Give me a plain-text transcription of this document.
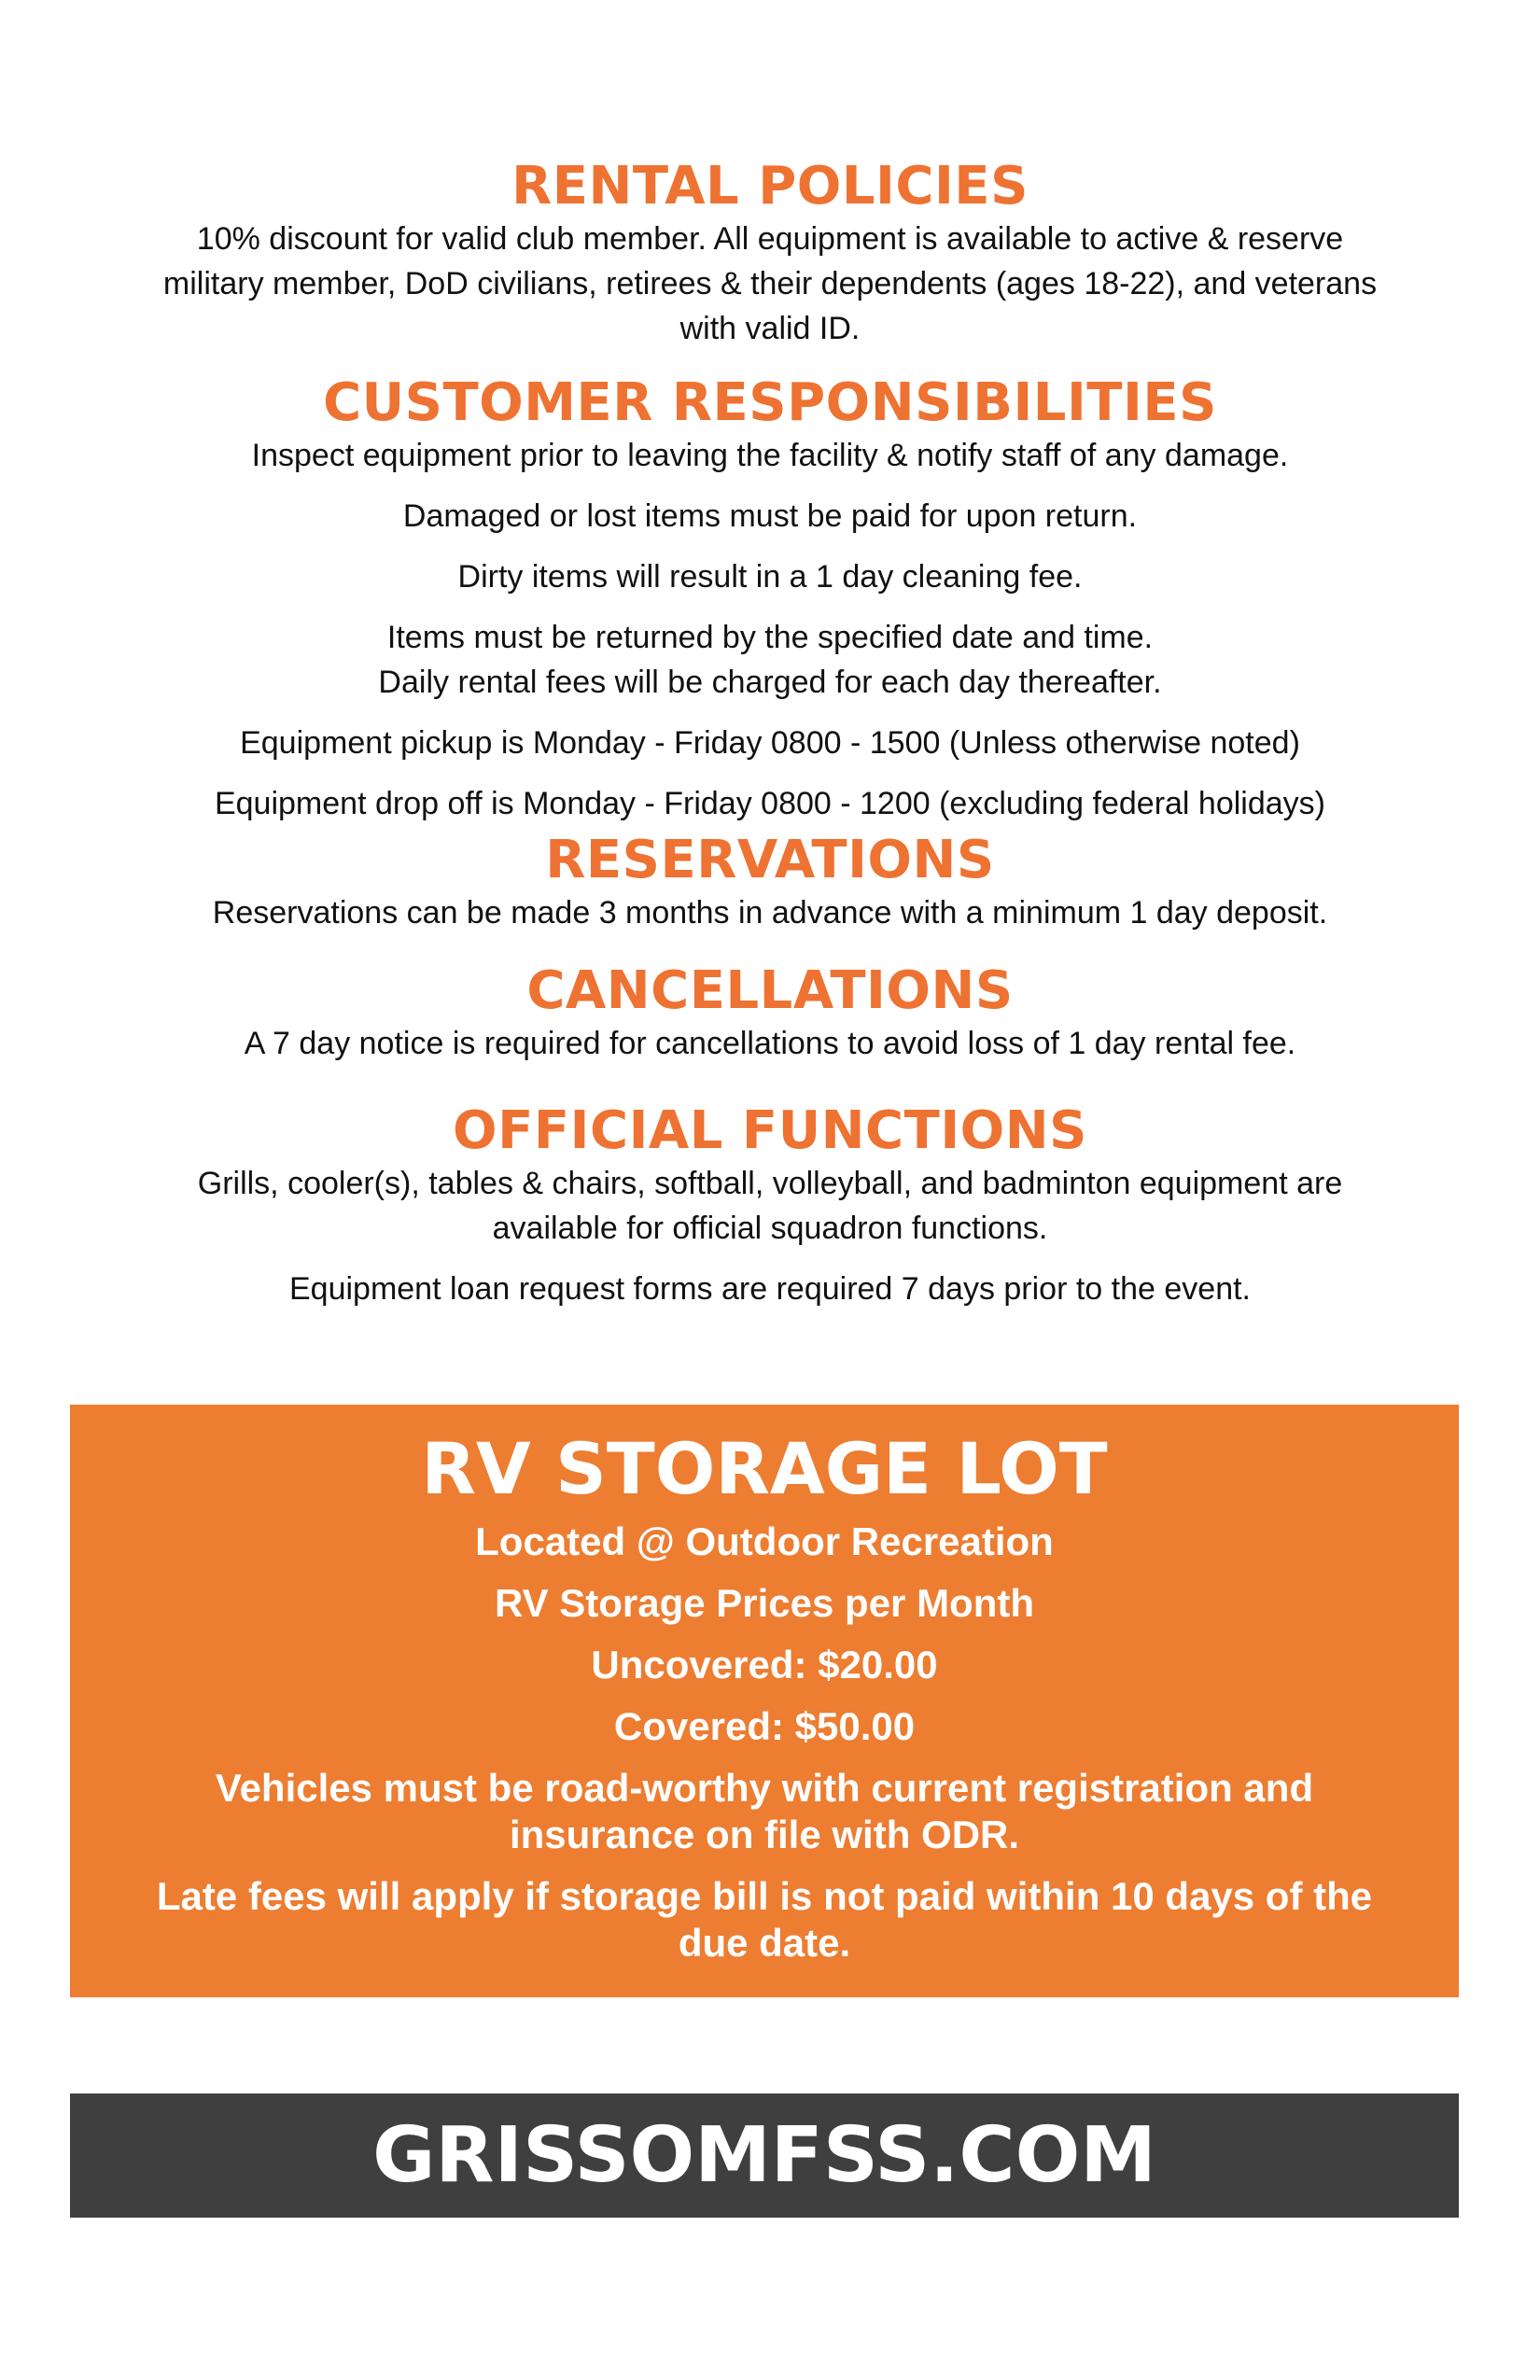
RENTAL POLICIES

10% discount for valid club member. All equipment is available to active & reserve
military member, DoD civilians, retirees & their dependents (ages 18-22), and veterans
with valid ID.

CUSTOMER RESPONSIBILITIES

Inspect equipment prior to leaving the facility & notify staff of any damage.

Damaged or lost items must be paid for upon return.

Dirty items will result in a 1 day cleaning fee.

Items must be returned by the specified date and time.

Daily rental fees will be charged for each day thereafter.

Equipment pickup is Monday - Friday 0800 - 1500 (Unless otherwise noted)

Equipment drop off is Monday - Friday 0800 - 1200 (excluding federal holidays)

RESERVATIONS

Reservations can be made 3 months in advance with a minimum 1 day deposit.

CANCELLATIONS

A 7 day notice is required for cancellations to avoid loss of 1 day rental fee.

OFFICIAL FUNCTIONS

Grills, cooler(s), tables & chairs, softball, volleyball, and badminton equipment are
available for official squadron functions.

Equipment loan request forms are required 7 days prior to the event.

RV STORAGE LOT

Located @ Outdoor Recreation

RV Storage Prices per Month

Uncovered: $20.00

Covered: $50.00

Vehicles must be road-worthy with current registration and
insurance on file with ODR.

Late fees will apply if storage bill is not paid within 10 days of the
due date.

GRISSOMFSS.COM
